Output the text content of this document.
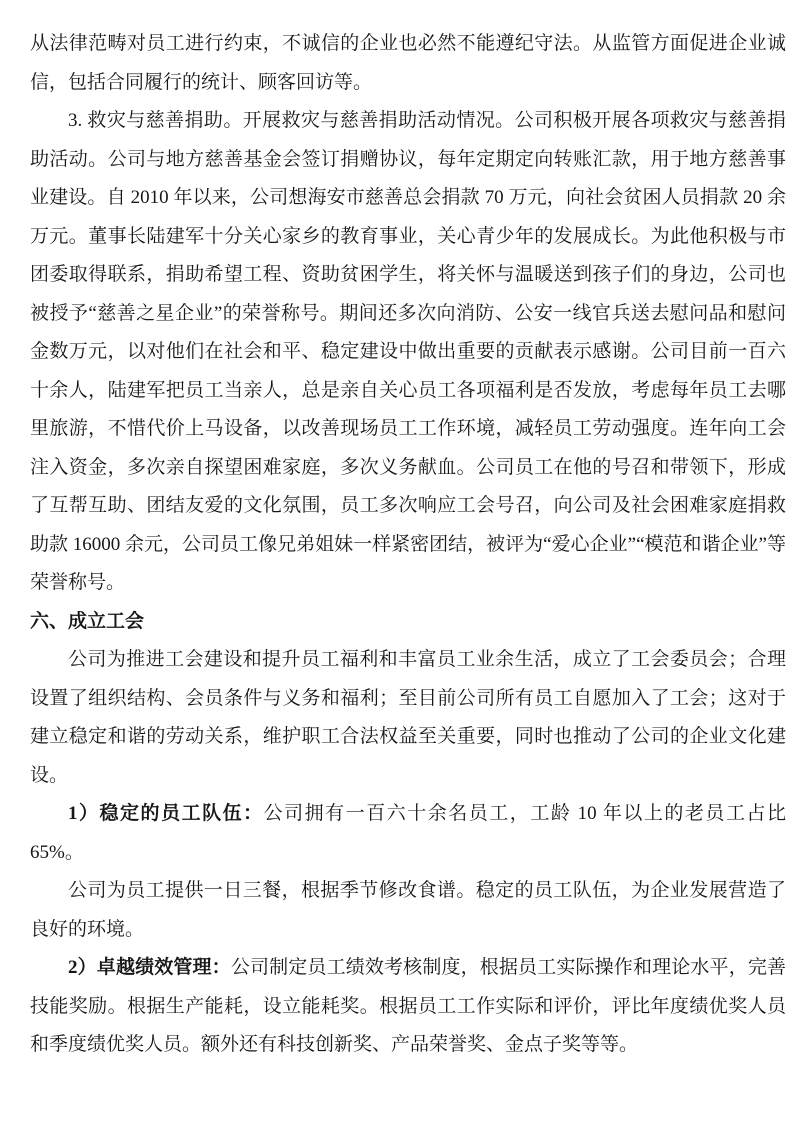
从法律范畴对员工进行约束，不诚信的企业也必然不能遵纪守法。从监管方面促进企业诚信，包括合同履行的统计、顾客回访等。

3. 救灾与慈善捐助。开展救灾与慈善捐助活动情况。公司积极开展各项救灾与慈善捐助活动。公司与地方慈善基金会签订捐赠协议，每年定期定向转账汇款，用于地方慈善事业建设。自 2010 年以来，公司想海安市慈善总会捐款 70 万元，向社会贫困人员捐款 20 余万元。董事长陆建军十分关心家乡的教育事业，关心青少年的发展成长。为此他积极与市团委取得联系，捐助希望工程、资助贫困学生，将关怀与温暖送到孩子们的身边，公司也被授予“慈善之星企业”的荣誉称号。期间还多次向消防、公安一线官兵送去慰问品和慰问金数万元，以对他们在社会和平、稳定建设中做出重要的贡献表示感谢。公司目前一百六十余人，陆建军把员工当亲人，总是亲自关心员工各项福利是否发放，考虑每年员工去哪里旅游，不惜代价上马设备，以改善现场员工工作环境，减轻员工劳动强度。连年向工会注入资金，多次亲自探望困难家庭，多次义务献血。公司员工在他的号召和带领下，形成了互帮互助、团结友爱的文化氛围，员工多次响应工会号召，向公司及社会困难家庭捐救助款 16000 余元，公司员工像兄弟姐妹一样紧密团结，被评为“爱心企业”“模范和谐企业”等荣誉称号。

六、成立工会

公司为推进工会建设和提升员工福利和丰富员工业余生活，成立了工会委员会；合理设置了组织结构、会员条件与义务和福利；至目前公司所有员工自愿加入了工会；这对于建立稳定和谐的劳动关系，维护职工合法权益至关重要，同时也推动了公司的企业文化建设。

1）稳定的员工队伍：公司拥有一百六十余名员工，工龄 10 年以上的老员工占比 65%。

公司为员工提供一日三餐，根据季节修改食谱。稳定的员工队伍，为企业发展营造了良好的环境。

2）卓越绩效管理：公司制定员工绩效考核制度，根据员工实际操作和理论水平，完善技能奖励。根据生产能耗，设立能耗奖。根据员工工作实际和评价，评比年度绩优奖人员和季度绩优奖人员。额外还有科技创新奖、产品荣誉奖、金点子奖等等。
